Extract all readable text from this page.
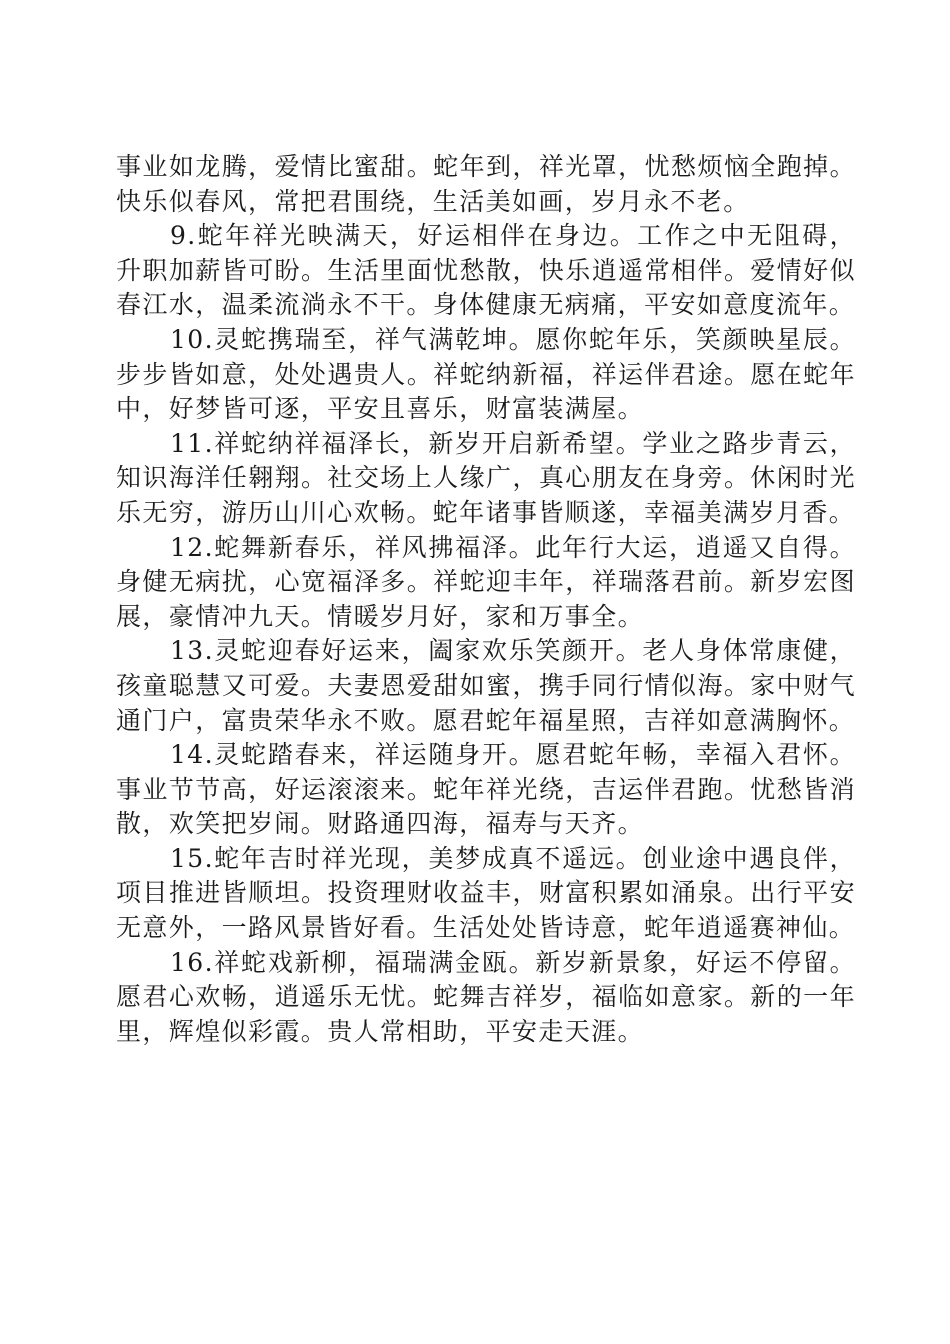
事业如龙腾，爱情比蜜甜。蛇年到，祥光罩，忧愁烦恼全跑掉。快乐似春风，常把君围绕，生活美如画，岁月永不老。

9.蛇年祥光映满天，好运相伴在身边。工作之中无阻碍，升职加薪皆可盼。生活里面忧愁散，快乐逍遥常相伴。爱情好似春江水，温柔流淌永不干。身体健康无病痛，平安如意度流年。

10.灵蛇携瑞至，祥气满乾坤。愿你蛇年乐，笑颜映星辰。步步皆如意，处处遇贵人。祥蛇纳新福，祥运伴君途。愿在蛇年中，好梦皆可逐，平安且喜乐，财富装满屋。

11.祥蛇纳祥福泽长，新岁开启新希望。学业之路步青云，知识海洋任翱翔。社交场上人缘广，真心朋友在身旁。休闲时光乐无穷，游历山川心欢畅。蛇年诸事皆顺遂，幸福美满岁月香。

12.蛇舞新春乐，祥风拂福泽。此年行大运，逍遥又自得。身健无病扰，心宽福泽多。祥蛇迎丰年，祥瑞落君前。新岁宏图展，豪情冲九天。情暖岁月好，家和万事全。

13.灵蛇迎春好运来，阖家欢乐笑颜开。老人身体常康健，孩童聪慧又可爱。夫妻恩爱甜如蜜，携手同行情似海。家中财气通门户，富贵荣华永不败。愿君蛇年福星照，吉祥如意满胸怀。

14.灵蛇踏春来，祥运随身开。愿君蛇年畅，幸福入君怀。事业节节高，好运滚滚来。蛇年祥光绕，吉运伴君跑。忧愁皆消散，欢笑把岁闹。财路通四海，福寿与天齐。

15.蛇年吉时祥光现，美梦成真不遥远。创业途中遇良伴，项目推进皆顺坦。投资理财收益丰，财富积累如涌泉。出行平安无意外，一路风景皆好看。生活处处皆诗意，蛇年逍遥赛神仙。

16.祥蛇戏新柳，福瑞满金瓯。新岁新景象，好运不停留。愿君心欢畅，逍遥乐无忧。蛇舞吉祥岁，福临如意家。新的一年里，辉煌似彩霞。贵人常相助，平安走天涯。
